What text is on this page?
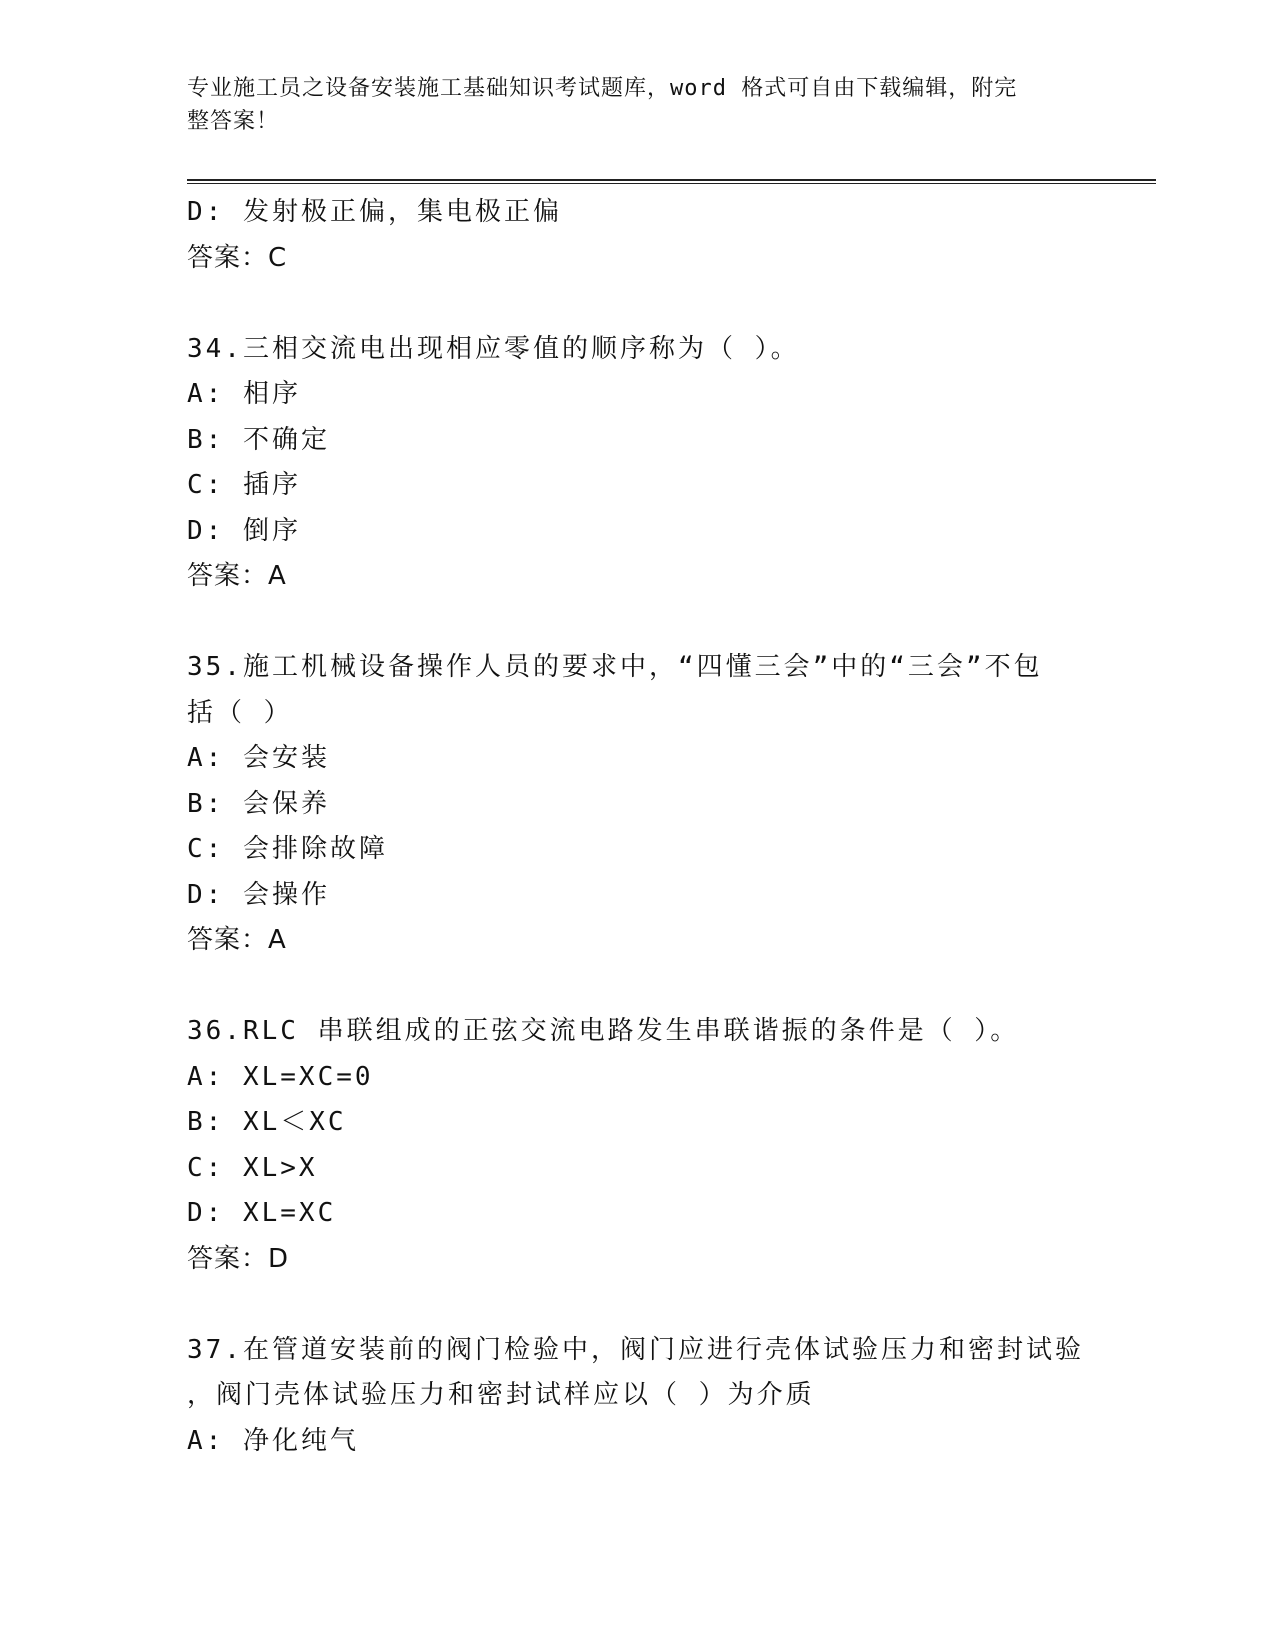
专业施工员之设备安装施工基础知识考试题库，word 格式可自由下载编辑，附完
整答案！
D: 发射极正偏，集电极正偏
答案：C
34.三相交流电出现相应零值的顺序称为（ ）。
A: 相序
B: 不确定
C: 插序
D: 倒序
答案：A
35.施工机械设备操作人员的要求中，“四懂三会”中的“三会”不包
括（ ）
A: 会安装
B: 会保养
C: 会排除故障
D: 会操作
答案：A
36.RLC 串联组成的正弦交流电路发生串联谐振的条件是（ ）。
A: XL=XC=0
B: XL＜XC
C: XL>X
D: XL=XC
答案：D
37.在管道安装前的阀门检验中，阀门应进行壳体试验压力和密封试验
，阀门壳体试验压力和密封试样应以（ ）为介质
A: 净化纯气
